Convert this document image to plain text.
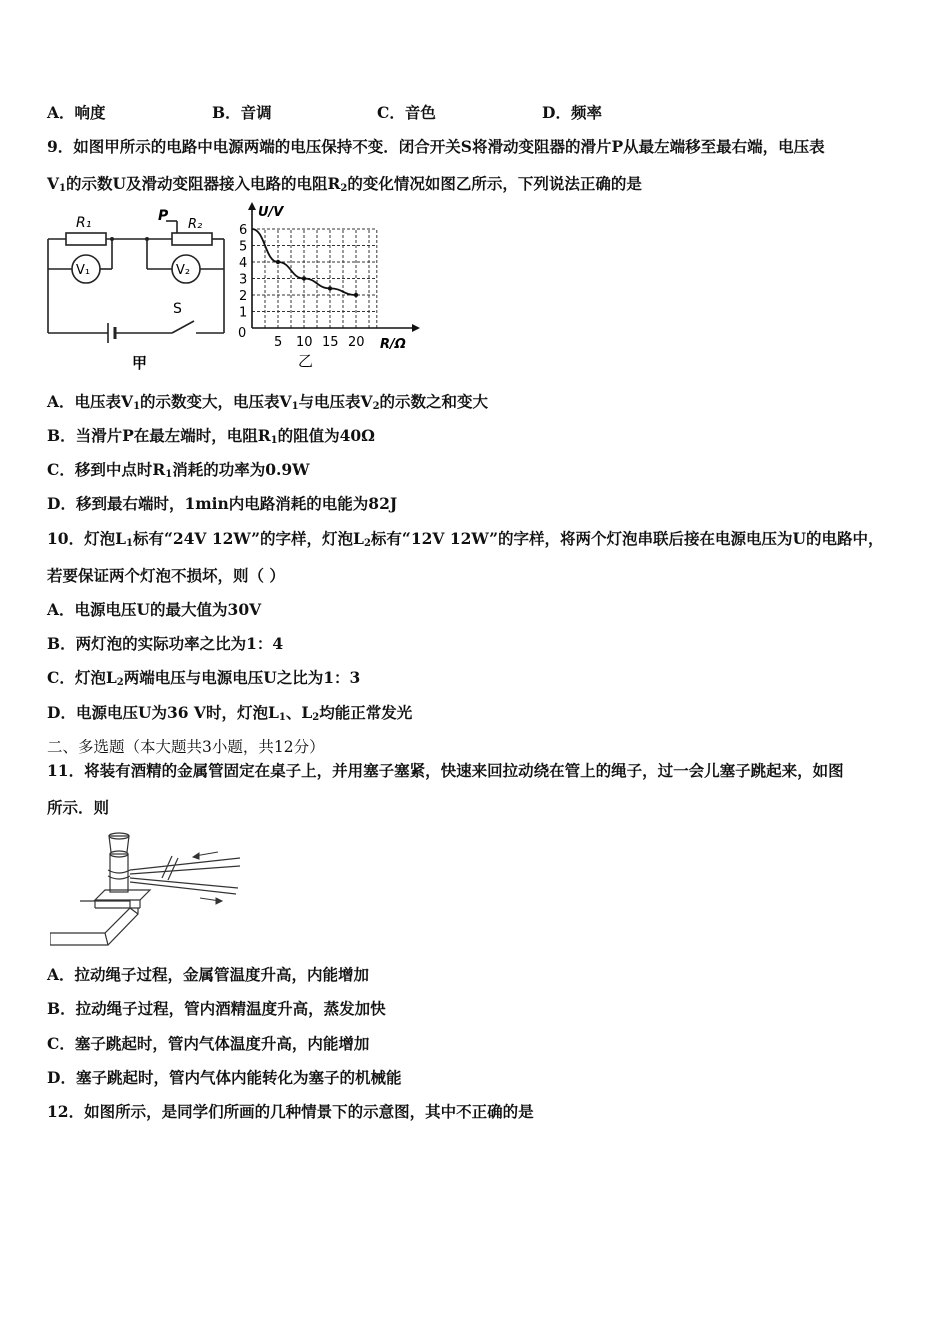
A．响度	B．音调	C．音色	D．频率
9．如图甲所示的电路中电源两端的电压保持不变．闭合开关S将滑动变阻器的滑片P从最左端移至最右端，电压表
$V_1$的示数U及滑动变阻器接入电路的电阻$R_2$的变化情况如图乙所示，下列说法正确的是
R₁	P
R₂
V₁	V₂
S
甲
1
2
3
4
5
6
5 10 15 20
U/V
R/Ω
0
乙
A．电压表$V_1$的示数变大，电压表$V_1$与电压表$V_2$的示数之和变大
B．当滑片P在最左端时，电阻$R_1$的阻值为40Ω
C．移到中点时$R_1$消耗的功率为0.9W
D．移到最右端时，1min内电路消耗的电能为82J
10．灯泡$L_1$标有“24V 12W”的字样，灯泡$L_2$标有“12V 12W”的字样，将两个灯泡串联后接在电源电压为U的电路中，
若要保证两个灯泡不损坏，则（ ）
A．电源电压U的最大值为30V
B．两灯泡的实际功率之比为1：4
C．灯泡$L_2$两端电压与电源电压U之比为1：3
D．电源电压U为36 V时，灯泡$L_1$、$L_2$均能正常发光
二、多选题（本大题共3小题，共12分）
11．将装有酒精的金属管固定在桌子上，并用塞子塞紧，快速来回拉动绕在管上的绳子，过一会儿塞子跳起来，如图
所示．则
A．拉动绳子过程，金属管温度升高，内能增加
B．拉动绳子过程，管内酒精温度升高，蒸发加快
C．塞子跳起时，管内气体温度升高，内能增加
D．塞子跳起时，管内气体内能转化为塞子的机械能
12．如图所示，是同学们所画的几种情景下的示意图，其中不正确的是
